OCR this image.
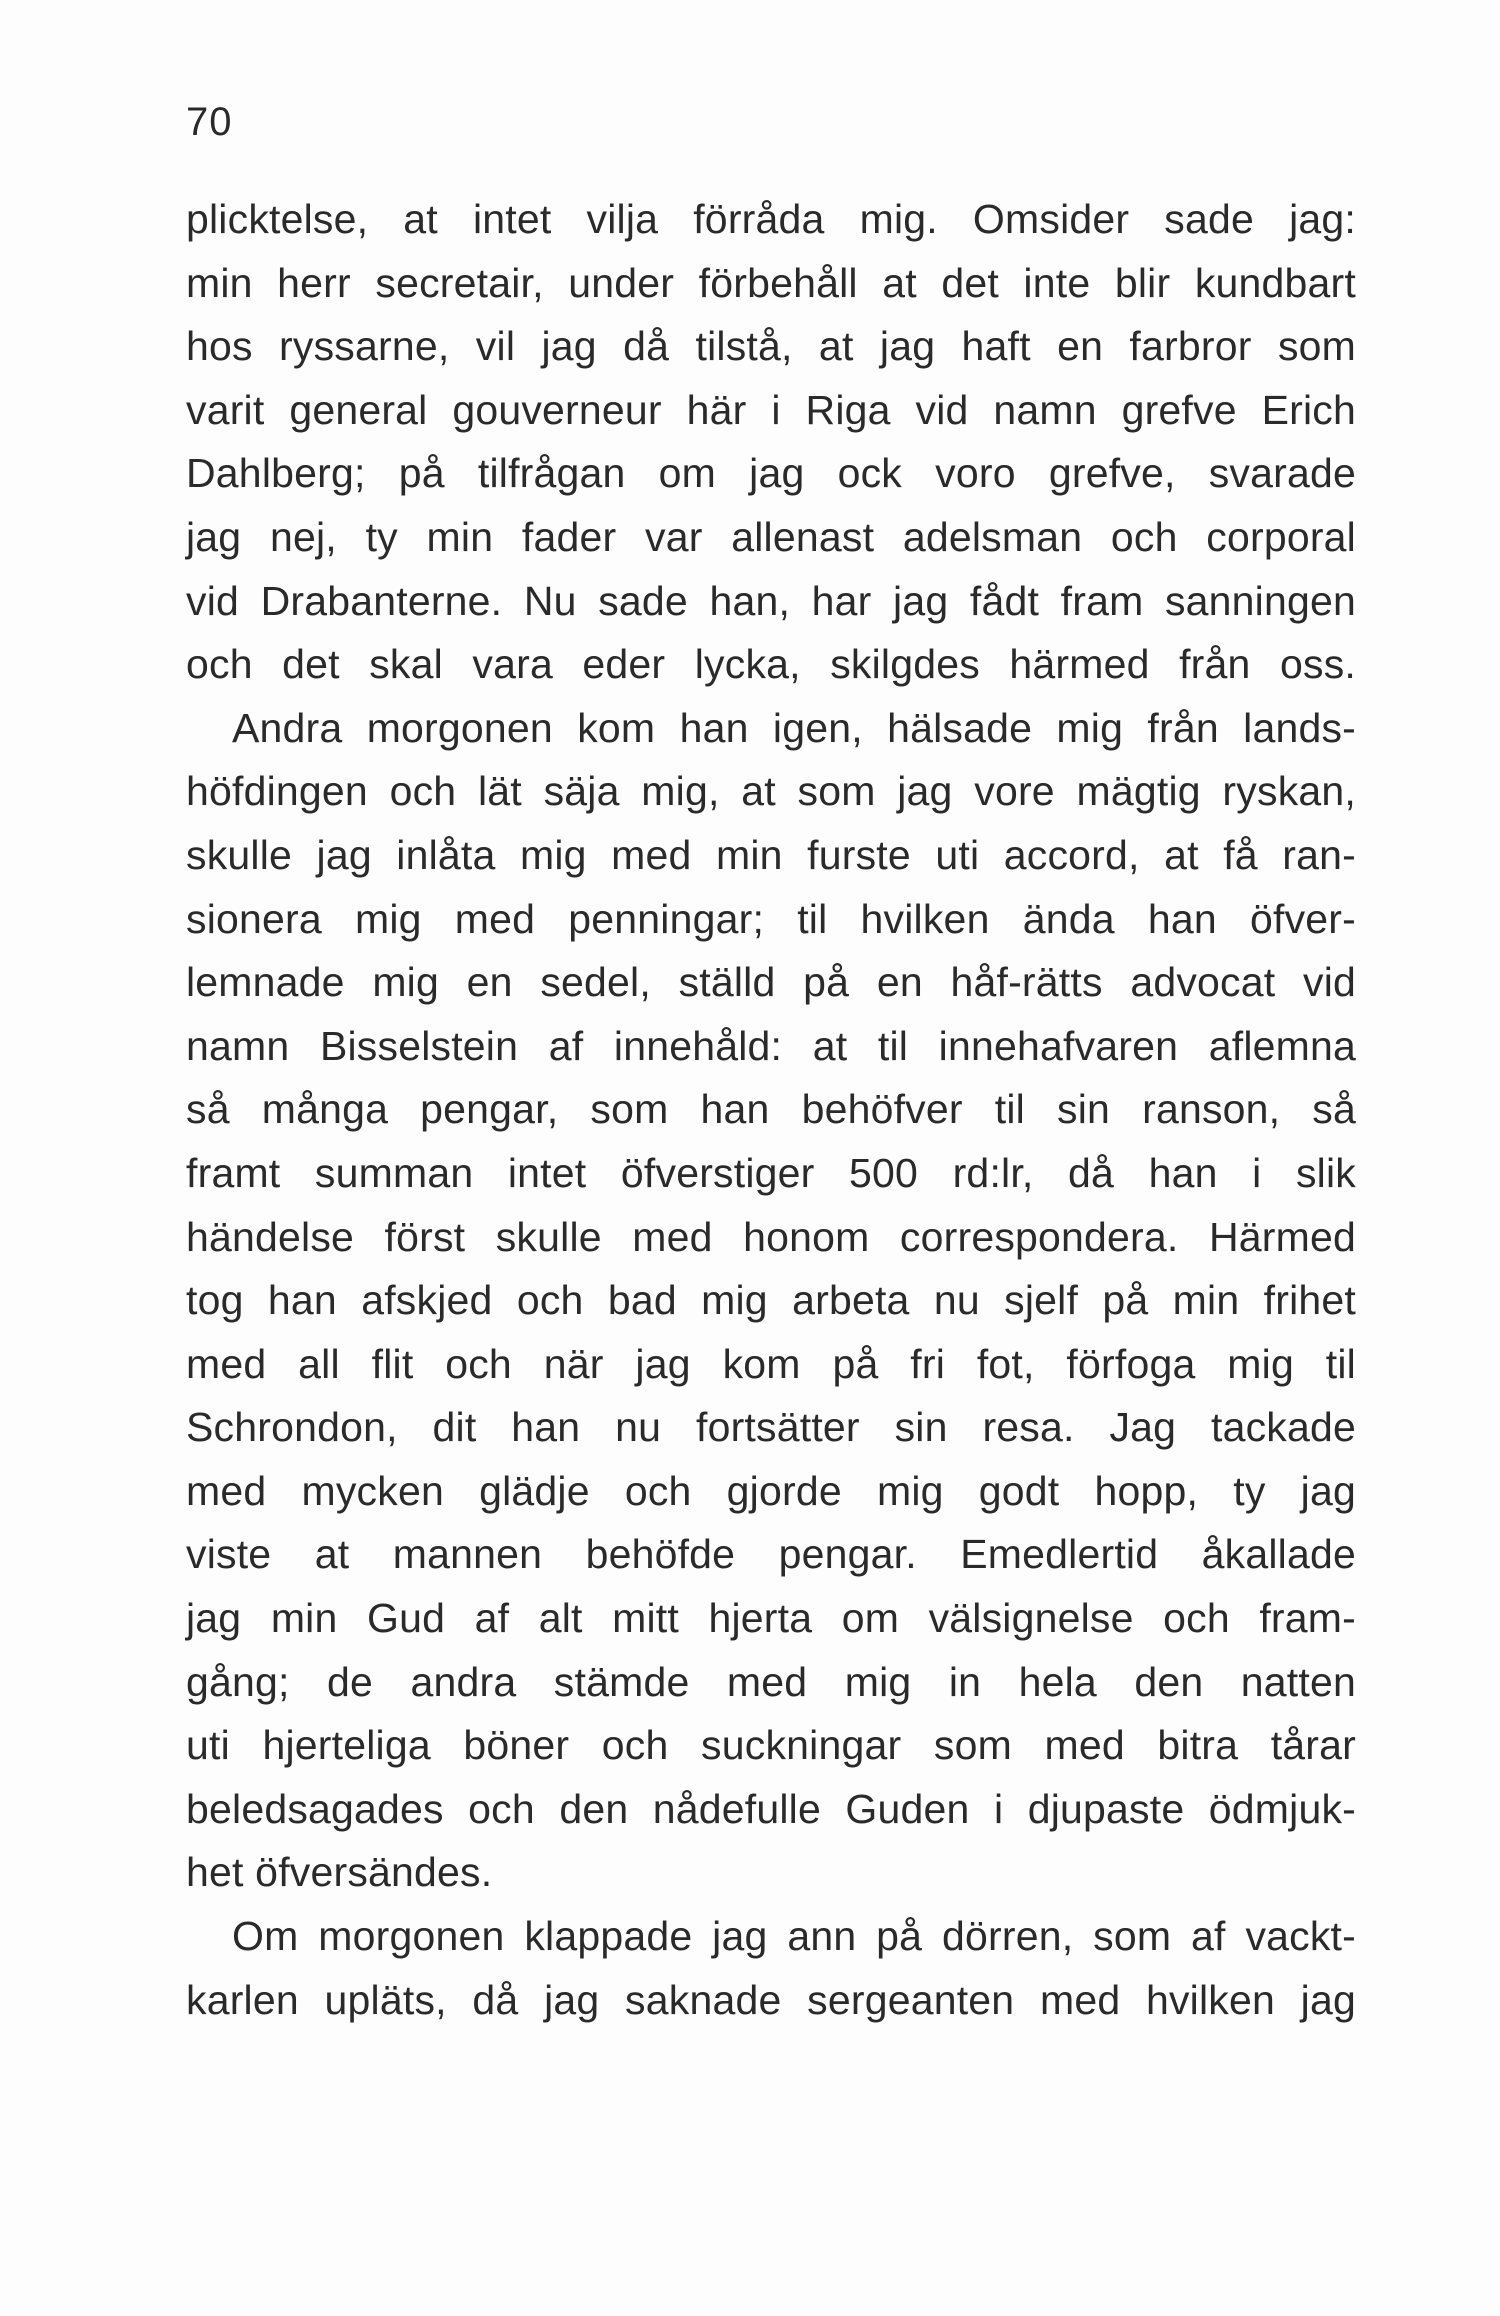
70
plicktelse, at intet vilja förråda mig. Omsider sade jag:
min herr secretair, under förbehåll at det inte blir kundbart
hos ryssarne, vil jag då tilstå, at jag haft en farbror som
varit general gouverneur här i Riga vid namn grefve Erich
Dahlberg; på tilfrågan om jag ock voro grefve, svarade
jag nej, ty min fader var allenast adelsman och corporal
vid Drabanterne. Nu sade han, har jag fådt fram sanningen
och det skal vara eder lycka, skilgdes härmed från oss.
Andra morgonen kom han igen, hälsade mig från lands-
höfdingen och lät säja mig, at som jag vore mägtig ryskan,
skulle jag inlåta mig med min furste uti accord, at få ran-
sionera mig med penningar; til hvilken ända han öfver-
lemnade mig en sedel, ställd på en håf-rätts advocat vid
namn Bisselstein af innehåld: at til innehafvaren aflemna
så många pengar, som han behöfver til sin ranson, så
framt summan intet öfverstiger 500 rd:lr, då han i slik
händelse först skulle med honom correspondera. Härmed
tog han afskjed och bad mig arbeta nu sjelf på min frihet
med all flit och när jag kom på fri fot, förfoga mig til
Schrondon, dit han nu fortsätter sin resa. Jag tackade
med mycken glädje och gjorde mig godt hopp, ty jag
viste at mannen behöfde pengar. Emedlertid åkallade
jag min Gud af alt mitt hjerta om välsignelse och fram-
gång; de andra stämde med mig in hela den natten
uti hjerteliga böner och suckningar som med bitra tårar
beledsagades och den nådefulle Guden i djupaste ödmjuk-
het öfversändes.
Om morgonen klappade jag ann på dörren, som af vackt-
karlen upläts, då jag saknade sergeanten med hvilken jag
